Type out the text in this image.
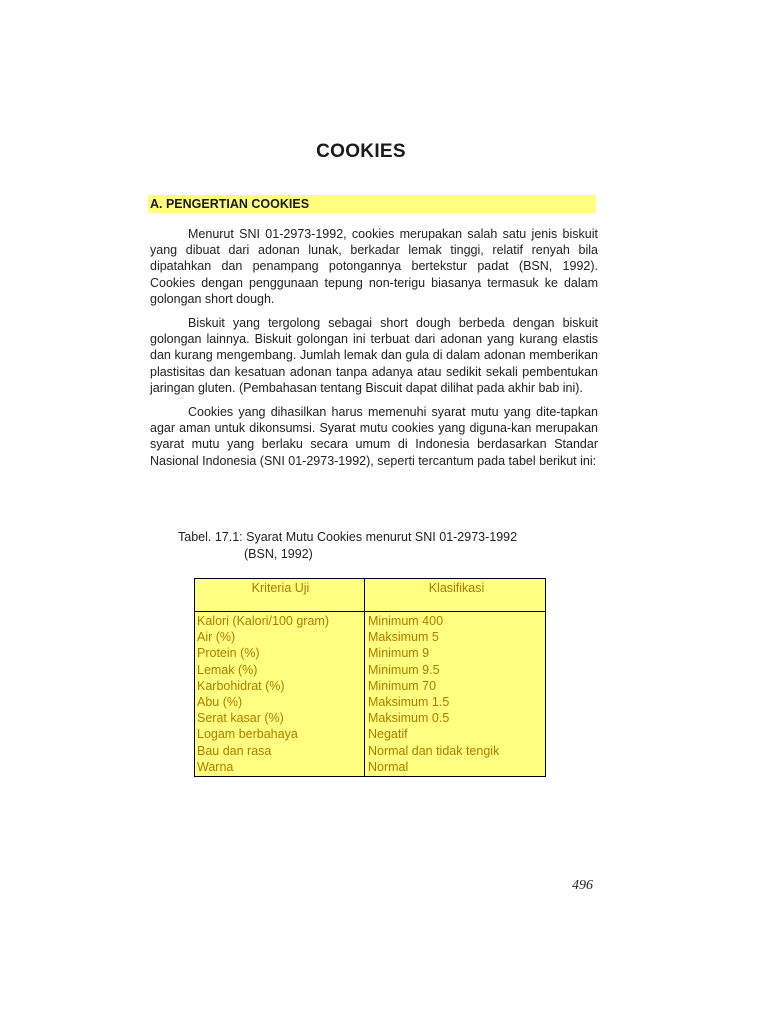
COOKIES
A. PENGERTIAN COOKIES

Menurut SNI 01-2973-1992, cookies merupakan salah satu jenis biskuit yang dibuat dari adonan lunak, berkadar lemak tinggi, relatif renyah bila dipatahkan dan penampang potongannya bertekstur padat (BSN, 1992). Cookies dengan penggunaan tepung non-terigu biasanya termasuk ke dalam golongan short dough.

Biskuit yang tergolong sebagai short dough berbeda dengan biskuit golongan lainnya. Biskuit golongan ini terbuat dari adonan yang kurang elastis dan kurang mengembang. Jumlah lemak dan gula di dalam adonan memberikan plastisitas dan kesatuan adonan tanpa adanya atau sedikit sekali pembentukan jaringan gluten. (Pembahasan tentang Biscuit dapat dilihat pada akhir bab ini).

Cookies yang dihasilkan harus memenuhi syarat mutu yang dite-tapkan agar aman untuk dikonsumsi. Syarat mutu cookies yang diguna-kan merupakan syarat mutu yang berlaku secara umum di Indonesia berdasarkan Standar Nasional Indonesia (SNI 01-2973-1992), seperti tercantum pada tabel berikut ini:

Tabel. 17.1: Syarat Mutu Cookies menurut SNI 01-2973-1992
(BSN, 1992)
Kriteria Uji	Klasifikasi
Kalori (Kalori/100 gram)
Air (%)
Protein (%)
Lemak (%)
Karbohidrat (%)
Abu (%)
Serat kasar (%)
Logam berbahaya
Bau dan rasa
Warna
Minimum 400
Maksimum 5
Minimum 9
Minimum 9.5
Minimum 70
Maksimum 1.5
Maksimum 0.5
Negatif
Normal dan tidak tengik
Normal
496
